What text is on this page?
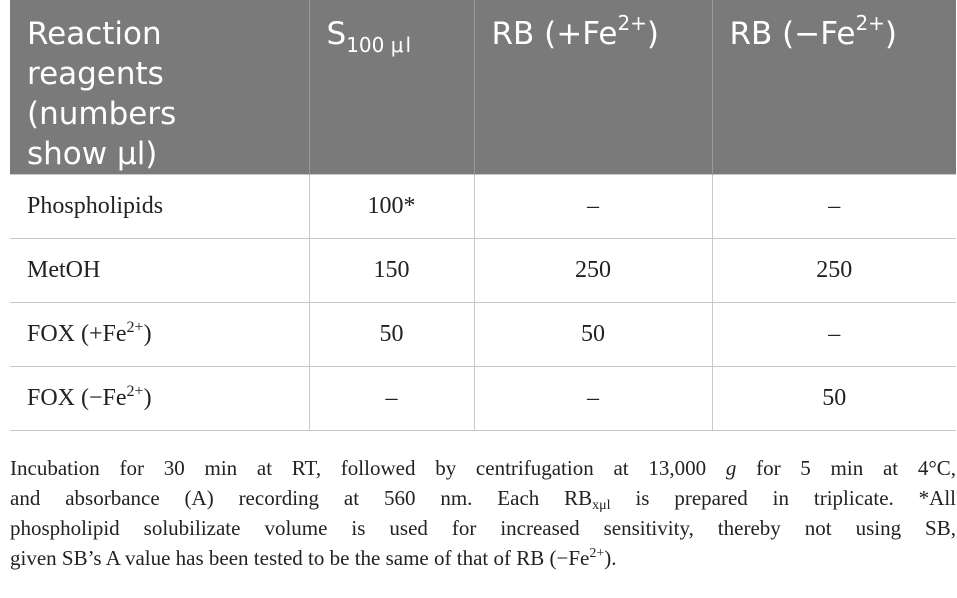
Reaction
reagents
(numbers
show μl)	$S_{100 \mu l}$	RB $(+Fe^{2+})$	RB $(-Fe^{2+})$
Phospholipids	100*	–	–
MetOH	150	250	250
FOX $(+Fe^{2+})$	50	50	–
FOX $(-Fe^{2+})$	–	–	50

Incubation for 30 min at RT, followed by centrifugation at 13,000 g for 5 min at 4°C,
and absorbance (A) recording at 560 nm. Each $RB_{x\mu l}$ is prepared in triplicate. *All
phospholipid solubilizate volume is used for increased sensitivity, thereby not using SB,
given SB’s A value has been tested to be the same of that of RB $(-Fe^{2+})$.
